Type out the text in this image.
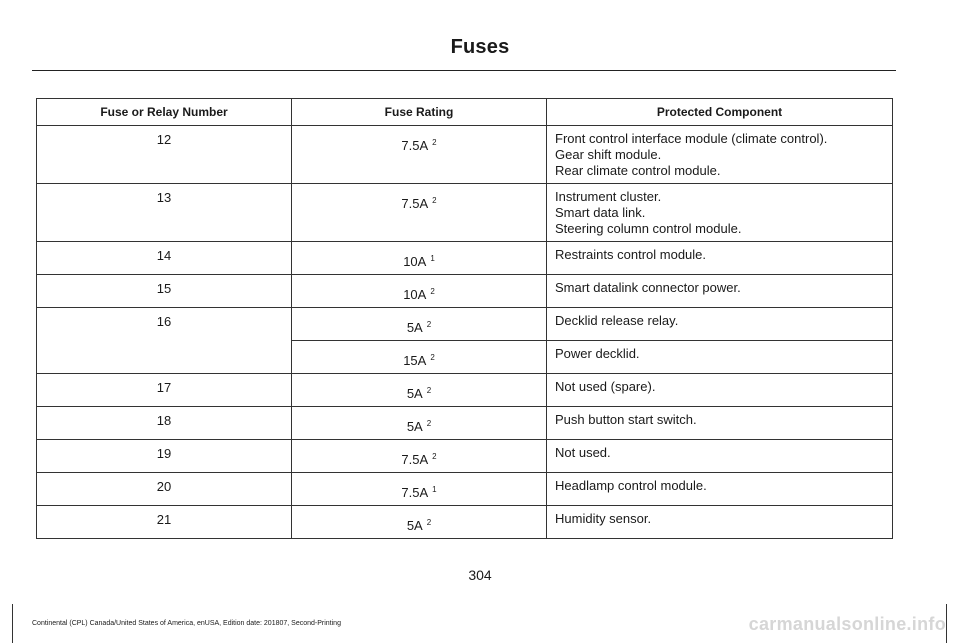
Fuses
Fuse or Relay Number	Fuse Rating	Protected Component
12	7.5A $^2$	Front control interface module (climate control).
Gear shift module.
Rear climate control module.

13	7.5A $^2$	Instrument cluster.
Smart data link.
Steering column control module.

14	10A $^1$	Restraints control module.

15	10A $^2$	Smart datalink connector power.

16	5A $^2$	Decklid release relay.

	15A $^2$	Power decklid.

17	5A $^2$	Not used (spare).

18	5A $^2$	Push button start switch.

19	7.5A $^2$	Not used.

20	7.5A $^1$	Headlamp control module.

21	5A $^2$	Humidity sensor.
304
Continental (CPL) Canada/United States of America, enUSA, Edition date: 201807, Second-Printing	carmanualsonline.info
